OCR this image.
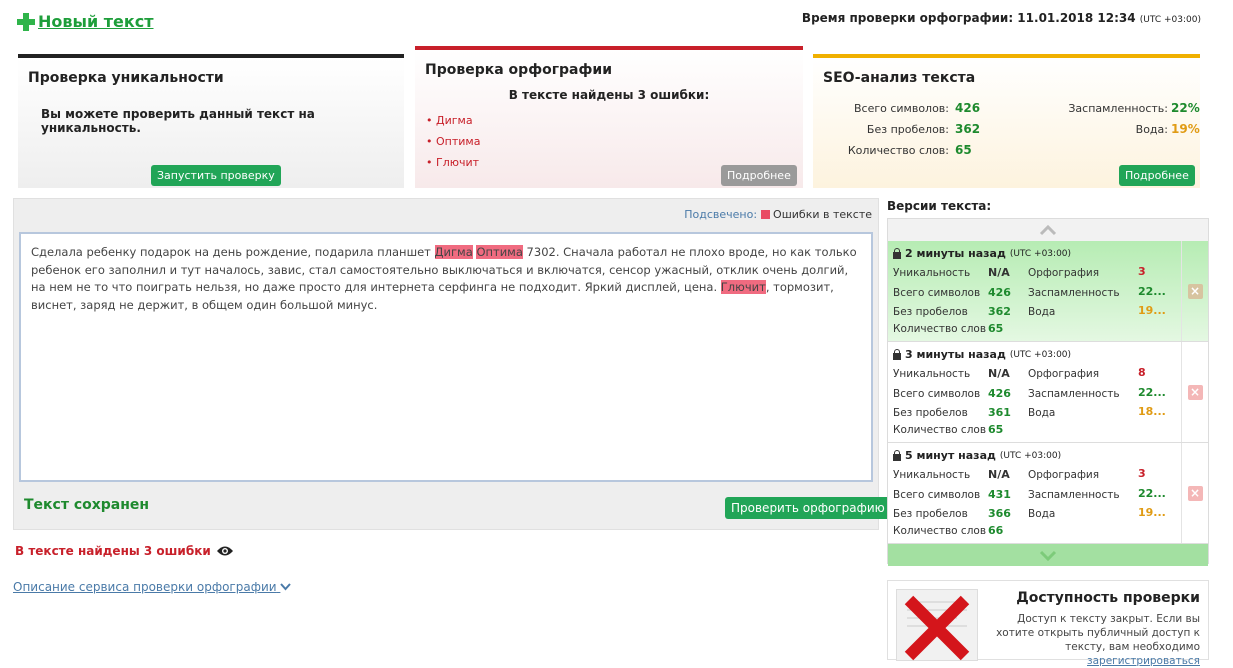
Новый текст	Время проверки орфографии: 11.01.2018 12:34 (UTC +03:00)
Проверка уникальности
Вы можете проверить данный текст на уникальность.
Запустить проверку
Проверка орфографии
В тексте найдены 3 ошибки:
• Дигма
• Оптима
• Глючит
Подробнее
SEO-анализ текста
Всего символов: 426
Без пробелов: 362
Количество слов: 65
Заспамленность: 22%
Вода: 19%
Подробнее
Подсвечено: Ошибки в тексте
Сделала ребенку подарок на день рождение, подарила планшет Дигма Оптима 7302. Сначала работал не плохо вроде, но как только ребенок его заполнил и тут началось, завис, стал самостоятельно выключаться и включатся, сенсор ужасный, отклик очень долгий, на нем не то что поиграть нельзя, но даже просто для интернета серфинга не подходит. Яркий дисплей, цена. Глючит, тормозит, виснет, заряд не держит, в общем один большой минус.
Текст сохранен	Проверить орфографию
В тексте найдены 3 ошибки
Описание сервиса проверки орфографии
Версии текста:
2 минуты назад (UTC +03:00)
Уникальность N/A Орфография	3
Всего символов 426 Заспамленность 22...
Без пробелов 362 Вода	19...
Количество слов 65
×
3 минуты назад (UTC +03:00)
Уникальность N/A Орфография	8
Всего символов 426 Заспамленность 22...
Без пробелов 361 Вода	18...
Количество слов 65
×
5 минут назад (UTC +03:00)
Уникальность N/A Орфография	3
Всего символов 431 Заспамленность 22...
Без пробелов 366 Вода	19...
Количество слов 66
×
Доступность проверки
Доступ к тексту закрыт. Если вы хотите открыть публичный доступ к тексту, вам необходимо зарегистрироваться
